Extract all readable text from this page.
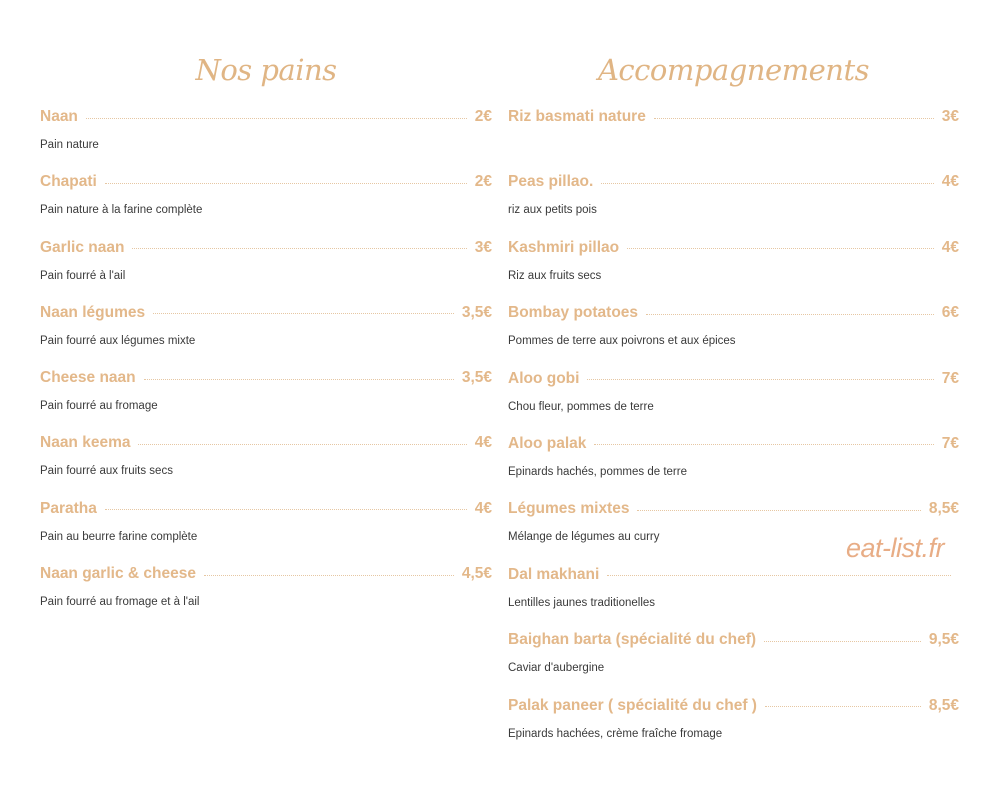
Nos pains
Naan	2€
Pain nature
Chapati	2€
Pain nature à la farine complète
Garlic naan	3€
Pain fourré à l'ail
Naan légumes	3,5€
Pain fourré aux légumes mixte
Cheese naan	3,5€
Pain fourré au fromage
Naan keema	4€
Pain fourré aux fruits secs
Paratha	4€
Pain au beurre farine complète
Naan garlic & cheese	4,5€
Pain fourré au fromage et à l'ail
Accompagnements
Riz basmati nature	3€
Peas pillao.	4€
riz aux petits pois
Kashmiri pillao	4€
Riz aux fruits secs
Bombay potatoes	6€
Pommes de terre aux poivrons et aux épices
Aloo gobi	7€
Chou fleur, pommes de terre
Aloo palak	7€
Epinards hachés, pommes de terre
Légumes mixtes	8,5€
Mélange de légumes au curry
Dal makhani
Lentilles jaunes traditionelles
Baighan barta (spécialité du chef)	9,5€
Caviar d'aubergine
Palak paneer ( spécialité du chef )	8,5€
Epinards hachées, crème fraîche fromage
eat-list.fr
